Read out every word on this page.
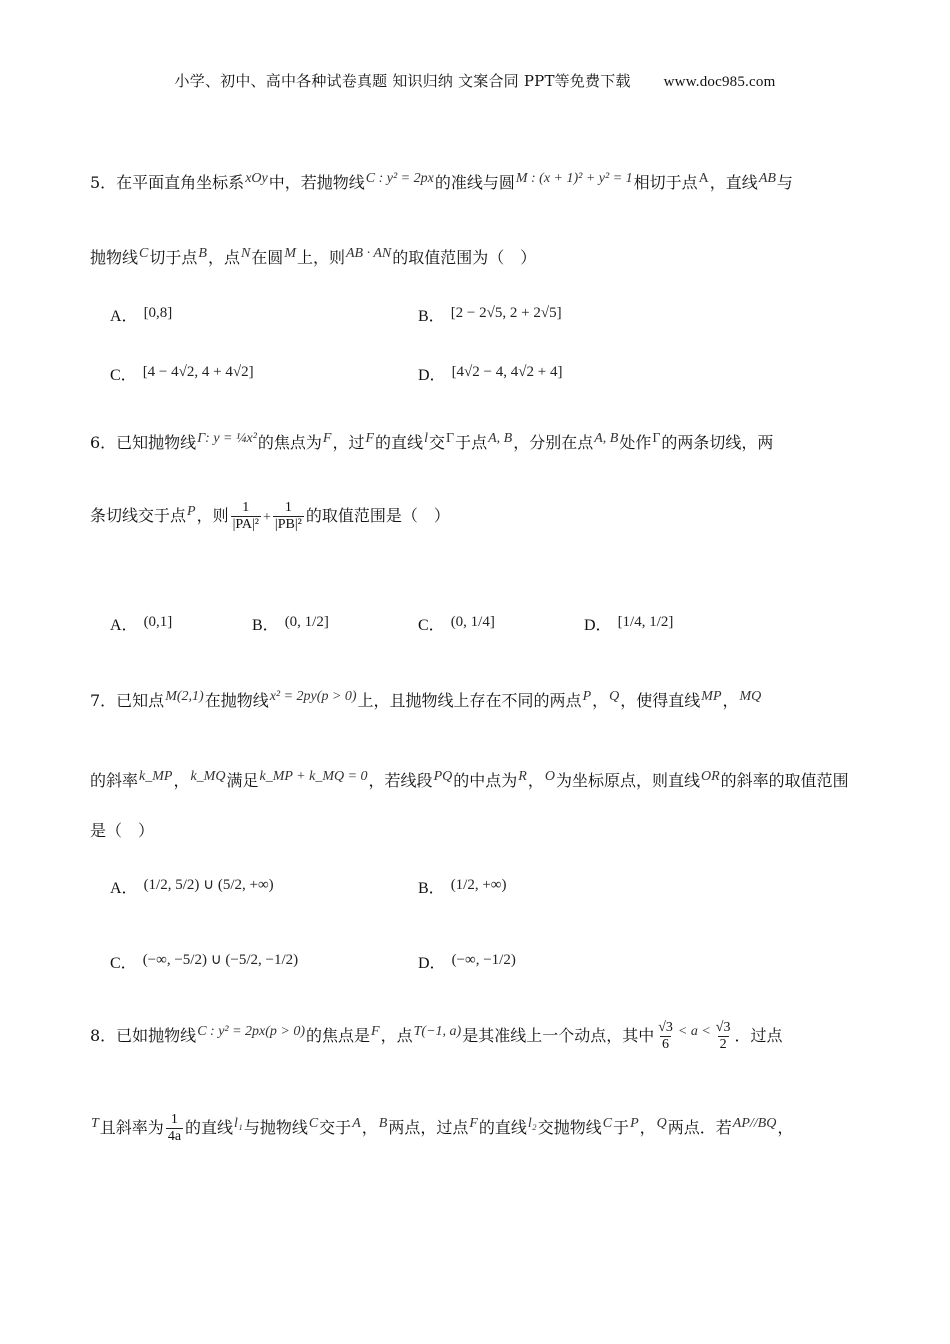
小学、初中、高中各种试卷真题 知识归纳 文案合同 PPT等免费下载 www.doc985.com
5．在平面直角坐标系xOy中，若抛物线C : y² = 2px的准线与圆M : (x + 1)² + y² = 1相切于点A，直线AB与
抛物线C切于点B，点N在圆M上，则AB · AN的取值范围为（　）
A． [0,8]	B． [2 − 2√5, 2 + 2√5]
C． [4 − 4√2, 4 + 4√2]	D． [4√2 − 4, 4√2 + 4]
6．已知抛物线Γ: y = ¼x²的焦点为F，过F的直线l交Γ于点A, B，分别在点A, B处作Γ的两条切线，两
条切线交于点P，则 $\frac{1}{\text{|PA|²}} + \frac{1}{\text{|PB|²}}$ 的取值范围是（　）
A． (0,1]	B． (0, 1/2]	C． (0, 1/4]	D． [1/4, 1/2]
7．已知点M(2,1)在抛物线x² = 2py(p > 0)上，且抛物线上存在不同的两点P，Q，使得直线MP，MQ
的斜率k_MP，k_MQ满足k_MP + k_MQ = 0，若线段PQ的中点为R，O为坐标原点，则直线OR的斜率的取值范围
是（　）
A． (1/2, 5/2) ∪ (5/2, +∞)	B． (1/2, +∞)
C． (−∞, −5/2) ∪ (−5/2, −1/2)	D． (−∞, −1/2)
8．已如抛物线C : y² = 2px(p > 0)的焦点是F，点T(−1, a)是其准线上一个动点，其中 $\frac{√3}{6} < a < \frac{√3}{2}$ ．过点
T且斜率为 $\frac{1}{4a}$ 的直线l₁与抛物线C交于A，B两点，过点F的直线l₂交抛物线C于P，Q两点．若AP//BQ，
